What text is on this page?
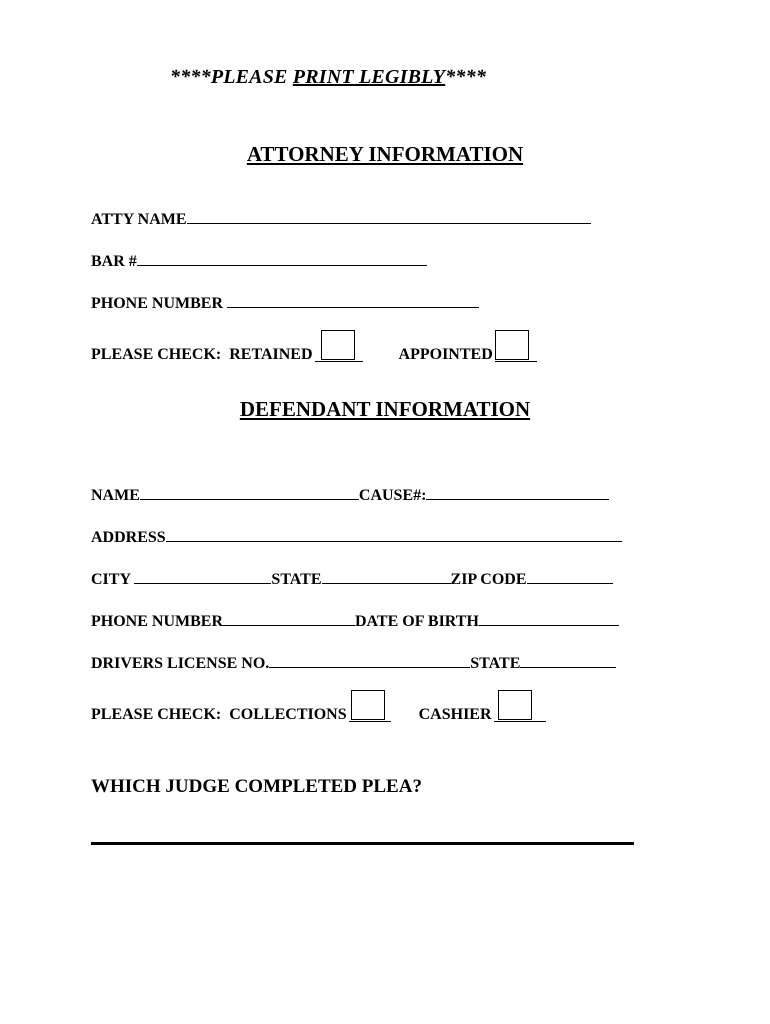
****PLEASE PRINT LEGIBLY****
ATTORNEY INFORMATION
ATTY NAME
BAR #
PHONE NUMBER
PLEASE CHECK: RETAINED	APPOINTED
DEFENDANT INFORMATION
NAME	CAUSE#:
ADDRESS
CITY	STATE	ZIP CODE
PHONE NUMBER	DATE OF BIRTH
DRIVERS LICENSE NO.	STATE
PLEASE CHECK: COLLECTIONS	CASHIER
WHICH JUDGE COMPLETED PLEA?
